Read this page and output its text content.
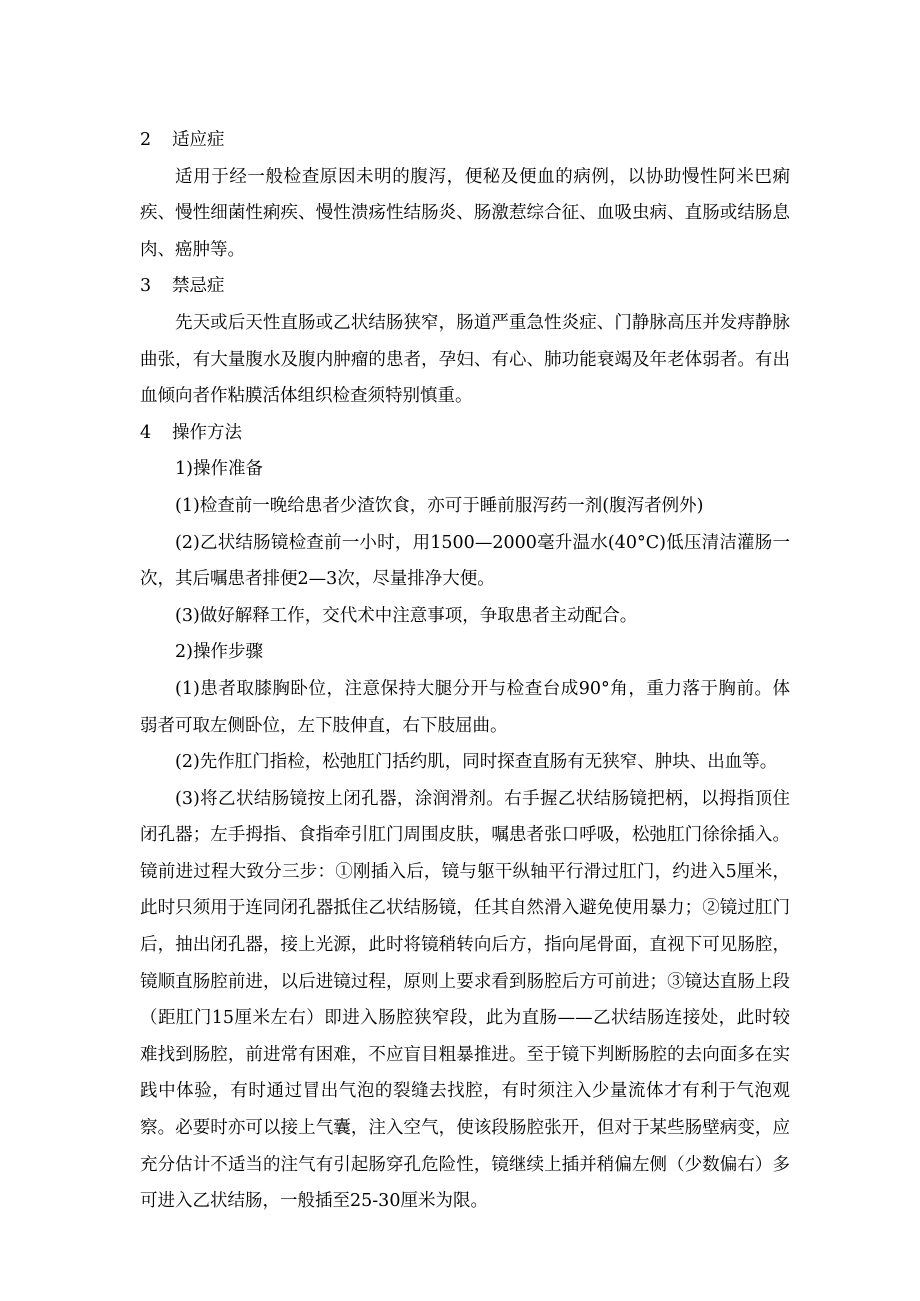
2 适应症

适用于经一般检查原因未明的腹泻，便秘及便血的病例，以协助慢性阿米巴痢疾、慢性细菌性痢疾、慢性溃疡性结肠炎、肠激惹综合征、血吸虫病、直肠或结肠息肉、癌肿等。

3 禁忌症

先天或后天性直肠或乙状结肠狭窄，肠道严重急性炎症、门静脉高压并发痔静脉曲张，有大量腹水及腹内肿瘤的患者，孕妇、有心、肺功能衰竭及年老体弱者。有出血倾向者作粘膜活体组织检查须特别慎重。

4 操作方法

1)操作准备

(1)检查前一晚给患者少渣饮食，亦可于睡前服泻药一剂(腹泻者例外)

(2)乙状结肠镜检查前一小时，用1500—2000毫升温水(40°C)低压清洁灌肠一次，其后嘱患者排便2—3次，尽量排净大便。

(3)做好解释工作，交代术中注意事项，争取患者主动配合。

2)操作步骤

(1)患者取膝胸卧位，注意保持大腿分开与检查台成90°角，重力落于胸前。体弱者可取左侧卧位，左下肢伸直，右下肢屈曲。

(2)先作肛门指检，松弛肛门括约肌，同时探查直肠有无狭窄、肿块、出血等。

(3)将乙状结肠镜按上闭孔器，涂润滑剂。右手握乙状结肠镜把柄，以拇指顶住闭孔器；左手拇指、食指牵引肛门周围皮肤，嘱患者张口呼吸，松弛肛门徐徐插入。镜前进过程大致分三步：①刚插入后，镜与躯干纵轴平行滑过肛门，约进入5厘米，此时只须用于连同闭孔器抵住乙状结肠镜，任其自然滑入避免使用暴力；②镜过肛门后，抽出闭孔器，接上光源，此时将镜稍转向后方，指向尾骨面，直视下可见肠腔，镜顺直肠腔前进，以后进镜过程，原则上要求看到肠腔后方可前进；③镜达直肠上段（距肛门15厘米左右）即进入肠腔狭窄段，此为直肠——乙状结肠连接处，此时较难找到肠腔，前进常有困难，不应盲目粗暴推进。至于镜下判断肠腔的去向面多在实践中体验，有时通过冒出气泡的裂缝去找腔，有时须注入少量流体才有利于气泡观察。必要时亦可以接上气囊，注入空气，使该段肠腔张开，但对于某些肠壁病变，应充分估计不适当的注气有引起肠穿孔危险性，镜继续上插并稍偏左侧（少数偏右）多可进入乙状结肠，一般插至25-30厘米为限。
